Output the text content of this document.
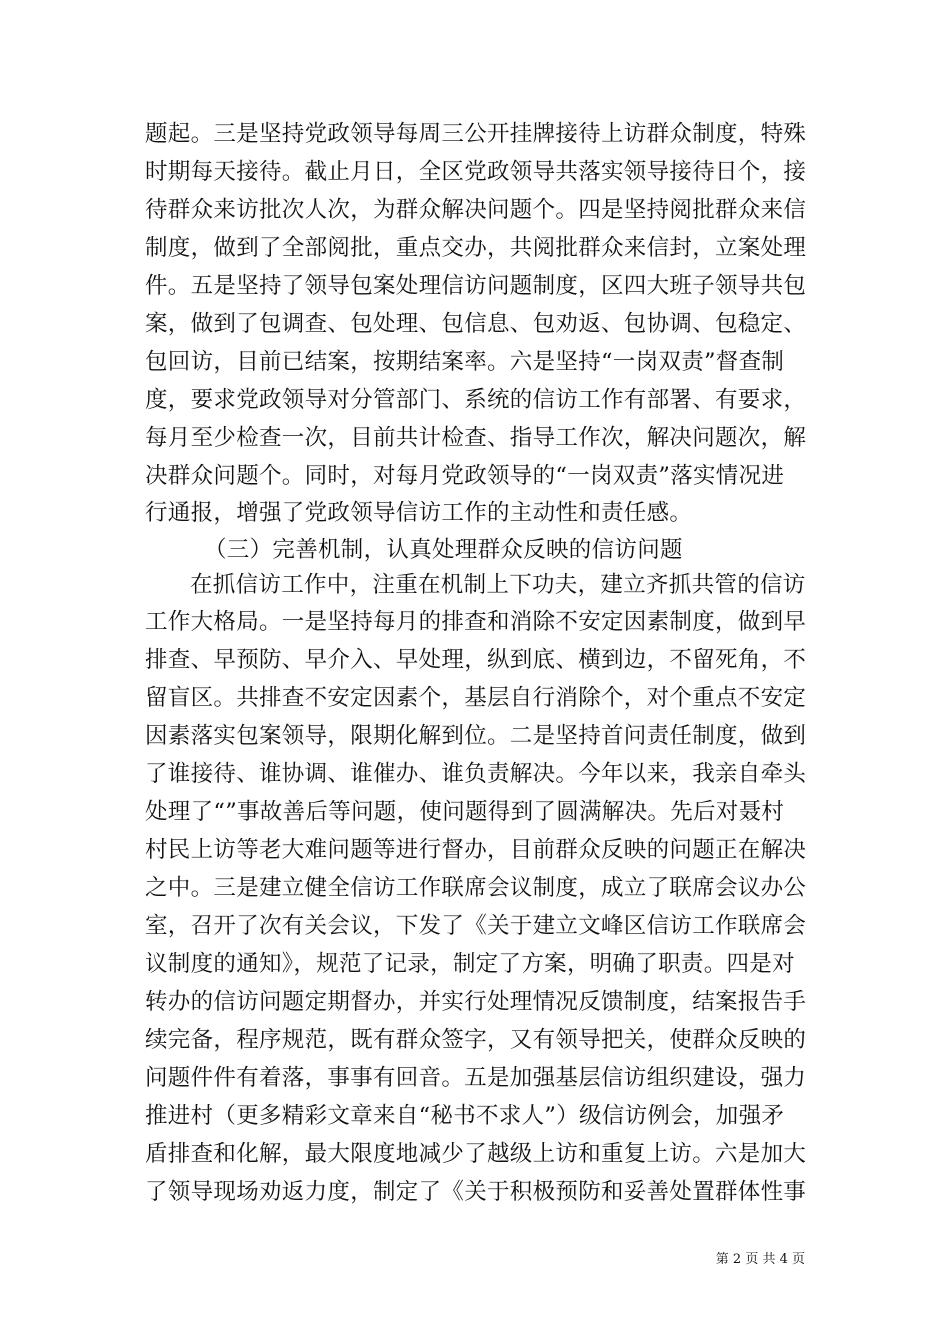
题起。三是坚持党政领导每周三公开挂牌接待上访群众制度，特殊
时期每天接待。截止月日，全区党政领导共落实领导接待日个，接
待群众来访批次人次，为群众解决问题个。四是坚持阅批群众来信
制度，做到了全部阅批，重点交办，共阅批群众来信封，立案处理
件。五是坚持了领导包案处理信访问题制度，区四大班子领导共包
案，做到了包调查、包处理、包信息、包劝返、包协调、包稳定、
包回访，目前已结案，按期结案率。六是坚持“一岗双责”督查制
度，要求党政领导对分管部门、系统的信访工作有部署、有要求，
每月至少检查一次，目前共计检查、指导工作次，解决问题次，解
决群众问题个。同时，对每月党政领导的“一岗双责”落实情况进
行通报，增强了党政领导信访工作的主动性和责任感。
（三）完善机制，认真处理群众反映的信访问题
在抓信访工作中，注重在机制上下功夫，建立齐抓共管的信访
工作大格局。一是坚持每月的排查和消除不安定因素制度，做到早
排查、早预防、早介入、早处理，纵到底、横到边，不留死角，不
留盲区。共排查不安定因素个，基层自行消除个，对个重点不安定
因素落实包案领导，限期化解到位。二是坚持首问责任制度，做到
了谁接待、谁协调、谁催办、谁负责解决。今年以来，我亲自牵头
处理了“”事故善后等问题，使问题得到了圆满解决。先后对聂村
村民上访等老大难问题等进行督办，目前群众反映的问题正在解决
之中。三是建立健全信访工作联席会议制度，成立了联席会议办公
室，召开了次有关会议，下发了《关于建立文峰区信访工作联席会
议制度的通知》，规范了记录，制定了方案，明确了职责。四是对
转办的信访问题定期督办，并实行处理情况反馈制度，结案报告手
续完备，程序规范，既有群众签字，又有领导把关，使群众反映的
问题件件有着落，事事有回音。五是加强基层信访组织建设，强力
推进村（更多精彩文章来自“秘书不求人”）级信访例会，加强矛
盾排查和化解，最大限度地减少了越级上访和重复上访。六是加大
了领导现场劝返力度，制定了《关于积极预防和妥善处置群体性事
第 2 页 共 4 页
